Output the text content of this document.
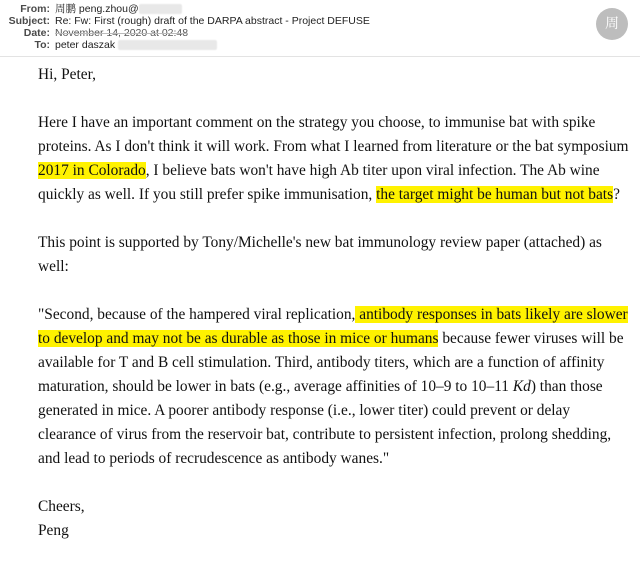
From: 周鹏 peng.zhou@
Subject: Re: Fw: First (rough) draft of the DARPA abstract - Project DEFUSE
Date: November 14, 2020 at 02:48
To: peter daszak
周

Hi, Peter,

Here I have an important comment on the strategy you choose, to immunise bat with spike proteins. As I don't think it will work. From what I learned from literature or the bat symposium 2017 in Colorado, I believe bats won't have high Ab titer upon viral infection. The Ab wine quickly as well. If you still prefer spike immunisation, the target might be human but not bats?

This point is supported by Tony/Michelle's new bat immunology review paper (attached) as well:

"Second, because of the hampered viral replication, antibody responses in bats likely are slower to develop and may not be as durable as those in mice or humans because fewer viruses will be available for T and B cell stimulation. Third, antibody titers, which are a function of affinity maturation, should be lower in bats (e.g., average affinities of 10–9 to 10–11 Kd) than those generated in mice. A poorer antibody response (i.e., lower titer) could prevent or delay clearance of virus from the reservoir bat, contribute to persistent infection, prolong shedding, and lead to periods of recrudescence as antibody wanes."

Cheers,

Peng
